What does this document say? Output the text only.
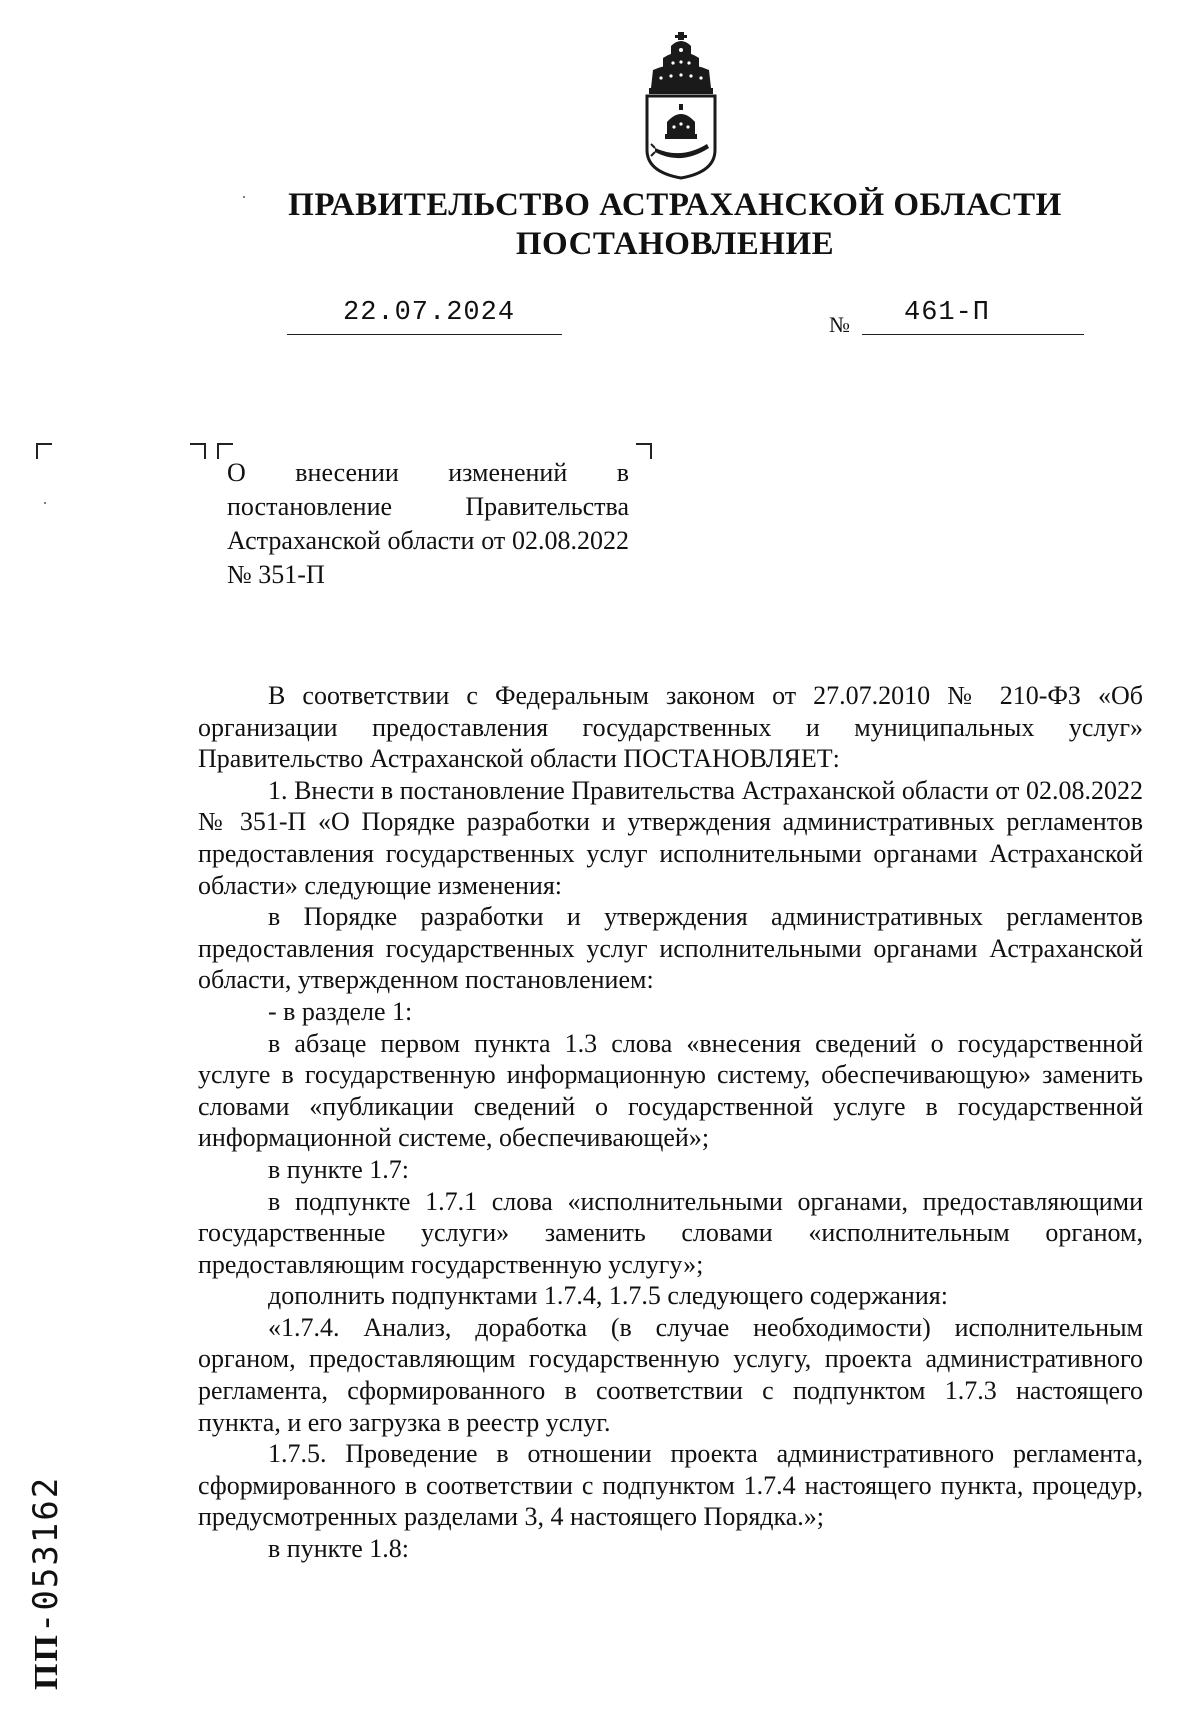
ПРАВИТЕЛЬСТВО АСТРАХАНСКОЙ ОБЛАСТИ
ПОСТАНОВЛЕНИЕ
22.07.2024	№ 461-П
О внесении изменений в постановление Правительства Астраханской области от 02.08.2022 № 351-П

В соответствии с Федеральным законом от 27.07.2010 № 210-ФЗ «Об организации предоставления государственных и муниципальных услуг» Правительство Астраханской области ПОСТАНОВЛЯЕТ:

1. Внести в постановление Правительства Астраханской области от 02.08.2022 № 351-П «О Порядке разработки и утверждения административных регламентов предоставления государственных услуг исполнительными органами Астраханской области» следующие изменения:

в Порядке разработки и утверждения административных регламентов предоставления государственных услуг исполнительными органами Астраханской области, утвержденном постановлением:

- в разделе 1:

в абзаце первом пункта 1.3 слова «внесения сведений о государственной услуге в государственную информационную систему, обеспечивающую» заменить словами «публикации сведений о государственной услуге в государственной информационной системе, обеспечивающей»;

в пункте 1.7:

в подпункте 1.7.1 слова «исполнительными органами, предоставляющими государственные услуги» заменить словами «исполнительным органом, предоставляющим государственную услугу»;

дополнить подпунктами 1.7.4, 1.7.5 следующего содержания:

«1.7.4. Анализ, доработка (в случае необходимости) исполнительным органом, предоставляющим государственную услугу, проекта административного регламента, сформированного в соответствии с подпунктом 1.7.3 настоящего пункта, и его загрузка в реестр услуг.

1.7.5. Проведение в отношении проекта административного регламента, сформированного в соответствии с подпунктом 1.7.4 настоящего пункта, процедур, предусмотренных разделами 3, 4 настоящего Порядка.»;

в пункте 1.8:

ПП-053162
